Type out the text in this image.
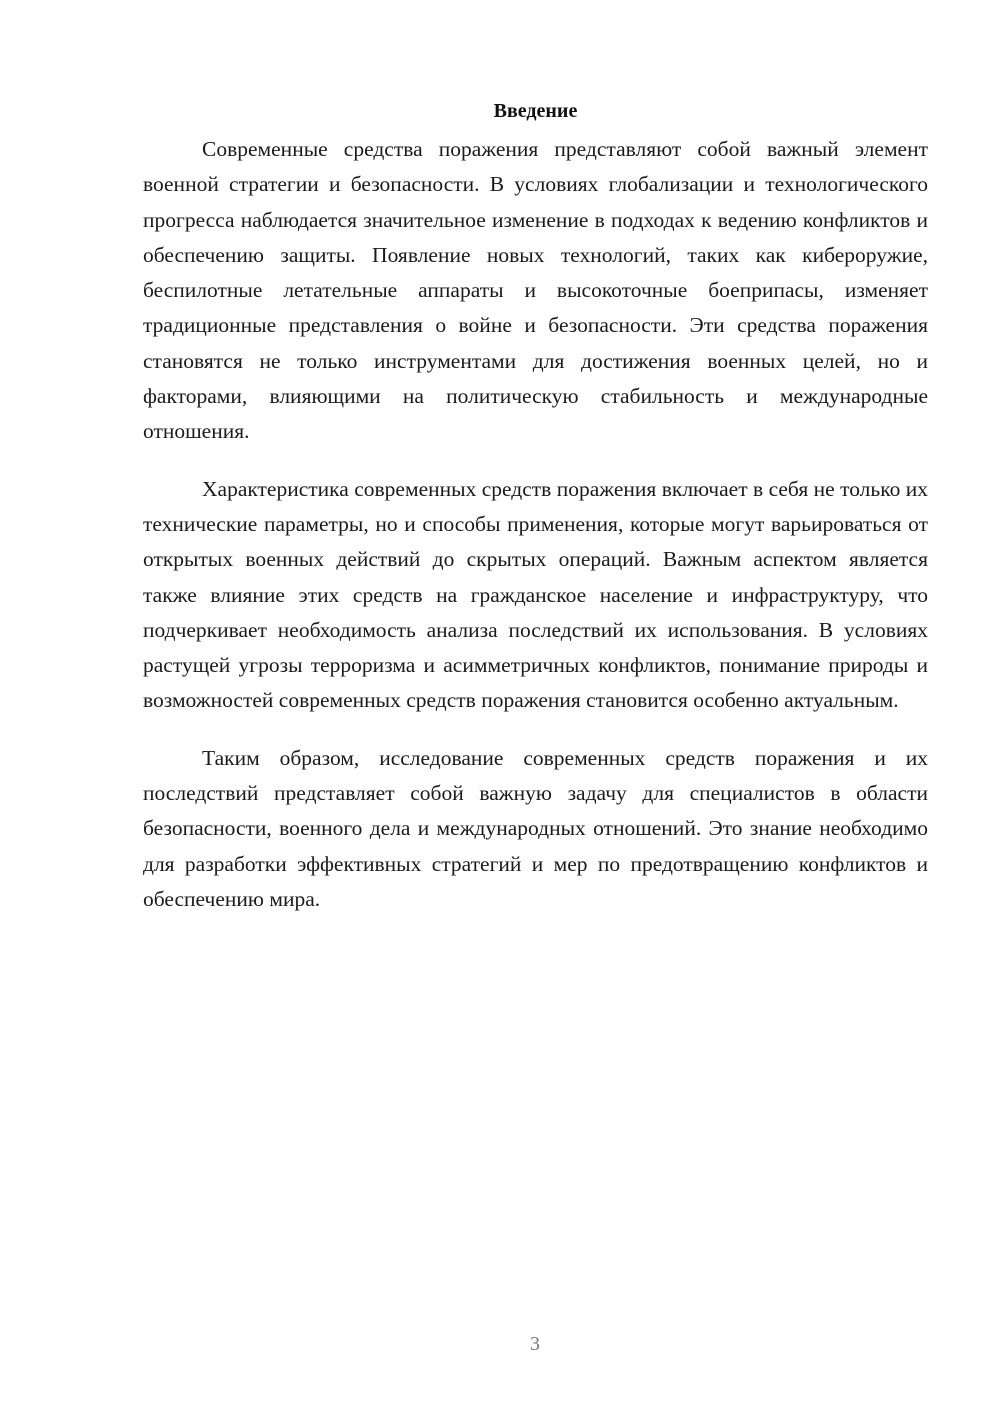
Введение

Современные средства поражения представляют собой важный элемент военной стратегии и безопасности. В условиях глобализации и технологического прогресса наблюдается значительное изменение в подходах к ведению конфликтов и обеспечению защиты. Появление новых технологий, таких как кибероружие, беспилотные летательные аппараты и высокоточные боеприпасы, изменяет традиционные представления о войне и безопасности. Эти средства поражения становятся не только инструментами для достижения военных целей, но и факторами, влияющими на политическую стабильность и международные отношения.

Характеристика современных средств поражения включает в себя не только их технические параметры, но и способы применения, которые могут варьироваться от открытых военных действий до скрытых операций. Важным аспектом является также влияние этих средств на гражданское население и инфраструктуру, что подчеркивает необходимость анализа последствий их использования. В условиях растущей угрозы терроризма и асимметричных конфликтов, понимание природы и возможностей современных средств поражения становится особенно актуальным.

Таким образом, исследование современных средств поражения и их последствий представляет собой важную задачу для специалистов в области безопасности, военного дела и международных отношений. Это знание необходимо для разработки эффективных стратегий и мер по предотвращению конфликтов и обеспечению мира.

3
